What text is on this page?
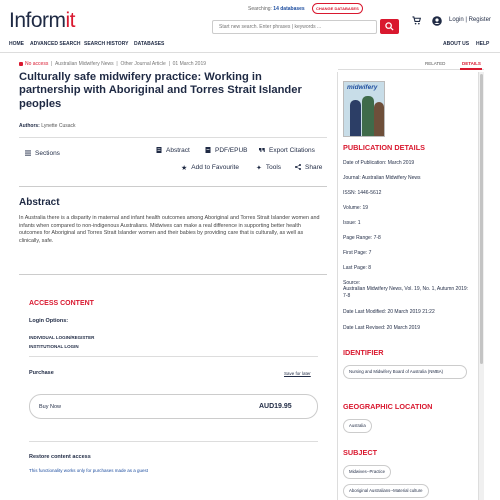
Informit	Searching: 14 databases	CHANGE DATABASES
Start new search. Enter phrases | keywords ...
Login | Register
HOME ADVANCED SEARCH SEARCH HISTORY DATABASES	ABOUT US HELP
No access | Australian Midwifery News | Other Journal Article | 01 March 2019
Culturally safe midwifery practice: Working in partnership with Aboriginal and Torres Strait Islander peoples
Authors: Lynette Cusack
Sections	Abstract	PDF/EPUB	Export Citations
★ Add to Favourite ✦ Tools	Share
Abstract

In Australia there is a disparity in maternal and infant health outcomes among Aboriginal and Torres Strait Islander women and infants when compared to non-indigenous Australians. Midwives can make a real difference in supporting better health outcomes for Aboriginal and Torres Strait Islander women and their babies by providing care that is culturally, as well as clinically, safe.

ACCESS CONTENT
Login Options:
INDIVIDUAL LOGIN/REGISTER
INSTITUTIONAL LOGIN
Purchase	Save for later
Buy Now	AUD19.95
Restore content access
This functionality works only for purchases made as a guest
RELATED	DETAILS
midwifery
PUBLICATION DETAILS
Date of Publication: March 2019
Journal: Australian Midwifery News
ISSN: 1446-5612
Volume: 19
Issue: 1
Page Range: 7-8
First Page: 7
Last Page: 8
Source:
Australian Midwifery News, Vol. 19, No. 1, Autumn 2019: 7-8
Date Last Modified: 20 March 2019 21:22
Date Last Revised: 20 March 2019
IDENTIFIER
Nursing and Midwifery Board of Australia (NMBA)
GEOGRAPHIC LOCATION
Australia
SUBJECT
Midwives--Practice
Aboriginal Australians--Material culture
